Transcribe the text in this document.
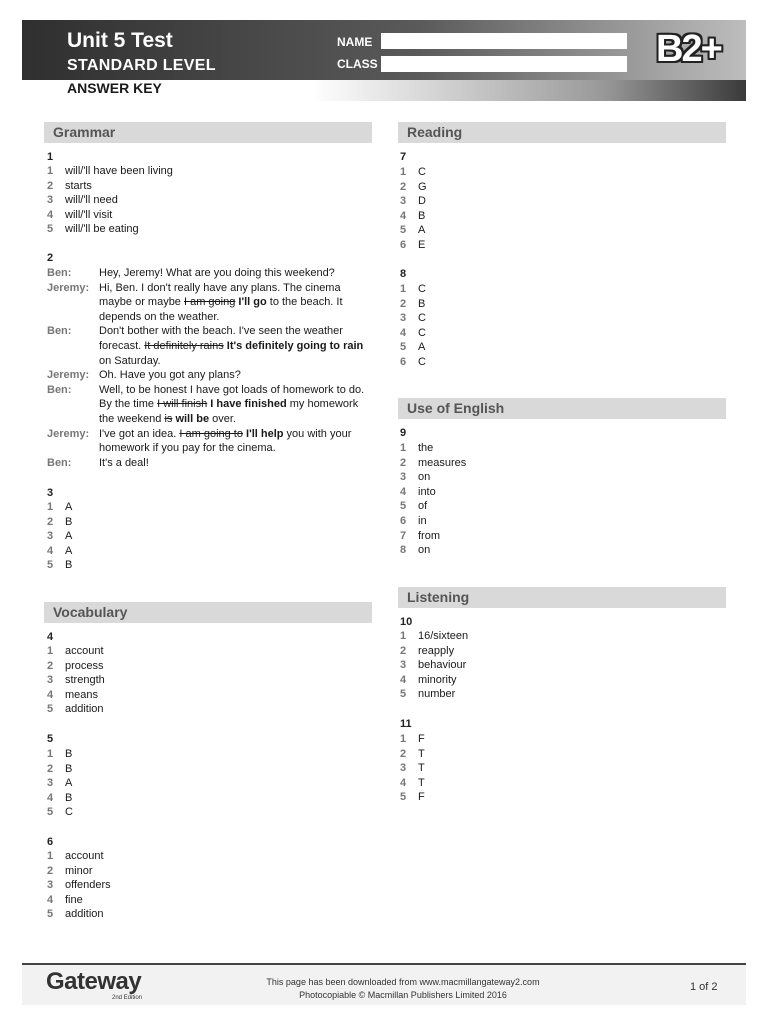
Unit 5 Test
STANDARD LEVEL
ANSWER KEY
NAME
CLASS	B2+
Grammar
1
1	will/'ll have been living
2	starts
3	will/'ll need
4	will/'ll visit
5	will/'ll be eating
2
Ben:	Hey, Jeremy! What are you doing this weekend?
Jeremy: Hi, Ben. I don't really have any plans. The cinema maybe or maybe I am going I'll go to the beach. It depends on the weather.
Ben:	Don't bother with the beach. I've seen the weather forecast. It definitely rains It's definitely going to rain on Saturday.
Jeremy: Oh. Have you got any plans?
Ben:	Well, to be honest I have got loads of homework to do. By the time I will finish I have finished my homework the weekend is will be over.
Jeremy: I've got an idea. I am going to I'll help you with your homework if you pay for the cinema.
Ben:	It's a deal!
3
1	A
2	B
3	A
4	A
5	B
Vocabulary
4
1	account
2	process
3	strength
4	means
5	addition
5
1	B
2	B
3	A
4	B
5	C
6
1	account
2	minor
3	offenders
4	fine
5	addition
Reading
7
1	C
2	G
3	D
4	B
5	A
6	E
8
1	C
2	B
3	C
4	C
5	A
6	C
Use of English
9
1	the
2	measures
3	on
4	into
5	of
6	in
7	from
8	on
Listening
10
1	16/sixteen
2	reapply
3	behaviour
4	minority
5	number
11
1	F
2	T
3	T
4	T
5	F
Gateway
2nd Edition
This page has been downloaded from www.macmillangateway2.com
Photocopiable © Macmillan Publishers Limited 2016
1 of 2
